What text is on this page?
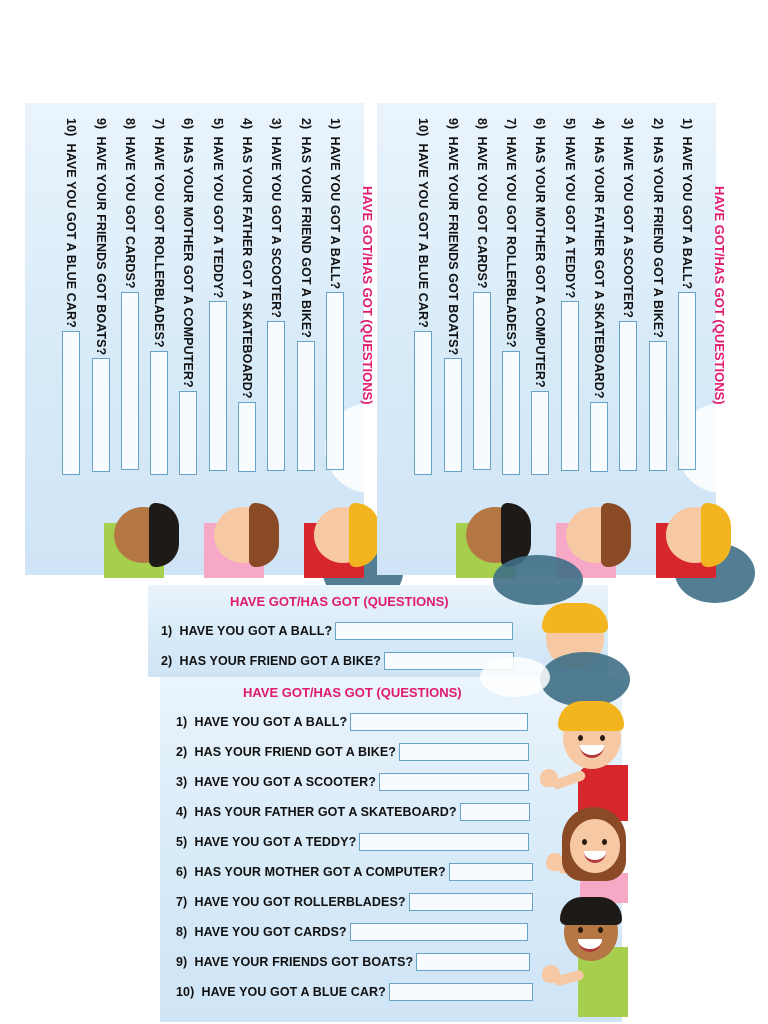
HAVE GOT/HAS GOT (QUESTIONS)
1)  HAVE YOU GOT A BALL?
2)  HAS YOUR FRIEND GOT A BIKE?
3)  HAVE YOU GOT A SCOOTER?
4)  HAS YOUR FATHER GOT A SKATEBOARD?
5)  HAVE YOU GOT A TEDDY?
6)  HAS YOUR MOTHER GOT A COMPUTER?
7)  HAVE YOU GOT ROLLERBLADES?
8)  HAVE YOU GOT CARDS?
9)  HAVE YOUR FRIENDS GOT BOATS?
10)  HAVE YOU GOT A BLUE CAR?	HAVE GOT/HAS GOT (QUESTIONS)
1)  HAVE YOU GOT A BALL?
2)  HAS YOUR FRIEND GOT A BIKE?
3)  HAVE YOU GOT A SCOOTER?
4)  HAS YOUR FATHER GOT A SKATEBOARD?
5)  HAVE YOU GOT A TEDDY?
6)  HAS YOUR MOTHER GOT A COMPUTER?
7)  HAVE YOU GOT ROLLERBLADES?
8)  HAVE YOU GOT CARDS?
9)  HAVE YOUR FRIENDS GOT BOATS?
10)  HAVE YOU GOT A BLUE CAR?
HAVE GOT/HAS GOT (QUESTIONS)
1) HAVE YOU GOT A BALL?
2) HAS YOUR FRIEND GOT A BIKE?
HAVE GOT/HAS GOT (QUESTIONS)
1) HAVE YOU GOT A BALL?
2) HAS YOUR FRIEND GOT A BIKE?
3) HAVE YOU GOT A SCOOTER?
4) HAS YOUR FATHER GOT A SKATEBOARD?
5) HAVE YOU GOT A TEDDY?
6) HAS YOUR MOTHER GOT A COMPUTER?
7) HAVE YOU GOT ROLLERBLADES?
8) HAVE YOU GOT CARDS?
9) HAVE YOUR FRIENDS GOT BOATS?
10) HAVE YOU GOT A BLUE CAR?
